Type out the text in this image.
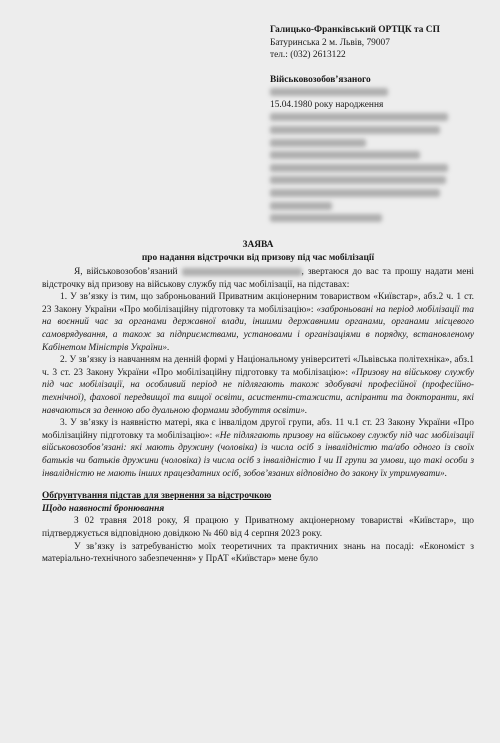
Галицько-Франківський ОРТЦК та СП
Батуринська 2 м. Львів, 79007
тел.: (032) 2613122
Військовозобов’язаного
15.04.1980 року народження
ЗАЯВА
про надання відстрочки від призову під час мобілізації

Я, військовозобов’язаний	, звертаюся до вас та прошу надати мені відстрочку від призову на військову службу під час мобілізації, на підставах:

1. У зв’язку із тим, що заброньований Приватним акціонерним товариством «Київстар», абз.2 ч. 1 ст. 23 Закону України «Про мобілізаційну підготовку та мобілізацію»: «заброньовані на період мобілізації та на воєнний час за органами державної влади, іншими державними органами, органами місцевого самоврядування, а також за підприємствами, установами і організаціями в порядку, встановленому Кабінетом Міністрів України».

2. У зв’язку із навчанням на денній формі у Національному університеті «Львівська політехніка», абз.1 ч. 3 ст. 23 Закону України «Про мобілізаційну підготовку та мобілізацію»: «Призову на військову службу під час мобілізації, на особливий період не підлягають також здобувачі професійної (професійно-технічної), фахової передвищої та вищої освіти, асистенти-стажисти, аспіранти та докторанти, які навчаються за денною або дуальною формами здобуття освіти».

3. У зв’язку із наявністю матері, яка є інвалідом другої групи, абз. 11 ч.1 ст. 23 Закону України «Про мобілізаційну підготовку та мобілізацію»: «Не підлягають призову на військову службу під час мобілізації військовозобов’язані: які мають дружину (чоловіка) із числа осіб з інвалідністю та/або одного із своїх батьків чи батьків дружини (чоловіка) із числа осіб з інвалідністю I чи II групи за умови, що такі особи з інвалідністю не мають інших працездатних осіб, зобов’язаних відповідно до закону їх утримувати».

Обґрунтування підстав для звернення за відстрочкою
Щодо наявності бронювання

З 02 травня 2018 року, Я працюю у Приватному акціонерному товаристві «Київстар», що підтверджується відповідною довідкою № 460 від 4 серпня 2023 року.

У зв’язку із затребуваністю моїх теоретичних та практичних знань на посаді: «Економіст з матеріально-технічного забезпечення» у ПрАТ «Київстар» мене було
